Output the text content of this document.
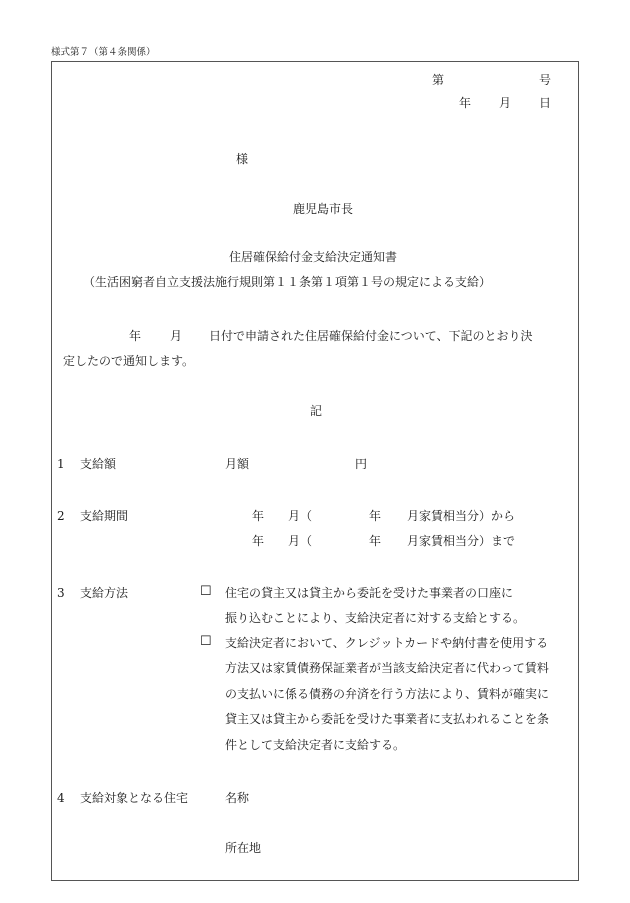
様式第７（第４条関係）
第	号
年 月 日
様
鹿児島市長
住居確保給付金支給決定通知書
（生活困窮者自立支援法施行規則第１１条第１項第１号の規定による支給）
年 月 日付で申請された住居確保給付金について、下記のとおり決
定したので通知します。
記
1 支給額	月額	円
2 支給期間	年 月（	年 月家賃相当分）から
年 月（	年 月家賃相当分）まで
3 支給方法	☐ 住宅の貸主又は貸主から委託を受けた事業者の口座に
振り込むことにより、支給決定者に対する支給とする。
☐ 支給決定者において、クレジットカードや納付書を使用する
方法又は家賃債務保証業者が当該支給決定者に代わって賃料
の支払いに係る債務の弁済を行う方法により、賃料が確実に
貸主又は貸主から委託を受けた事業者に支払われることを条
件として支給決定者に支給する。
4 支給対象となる住宅	名称
所在地
